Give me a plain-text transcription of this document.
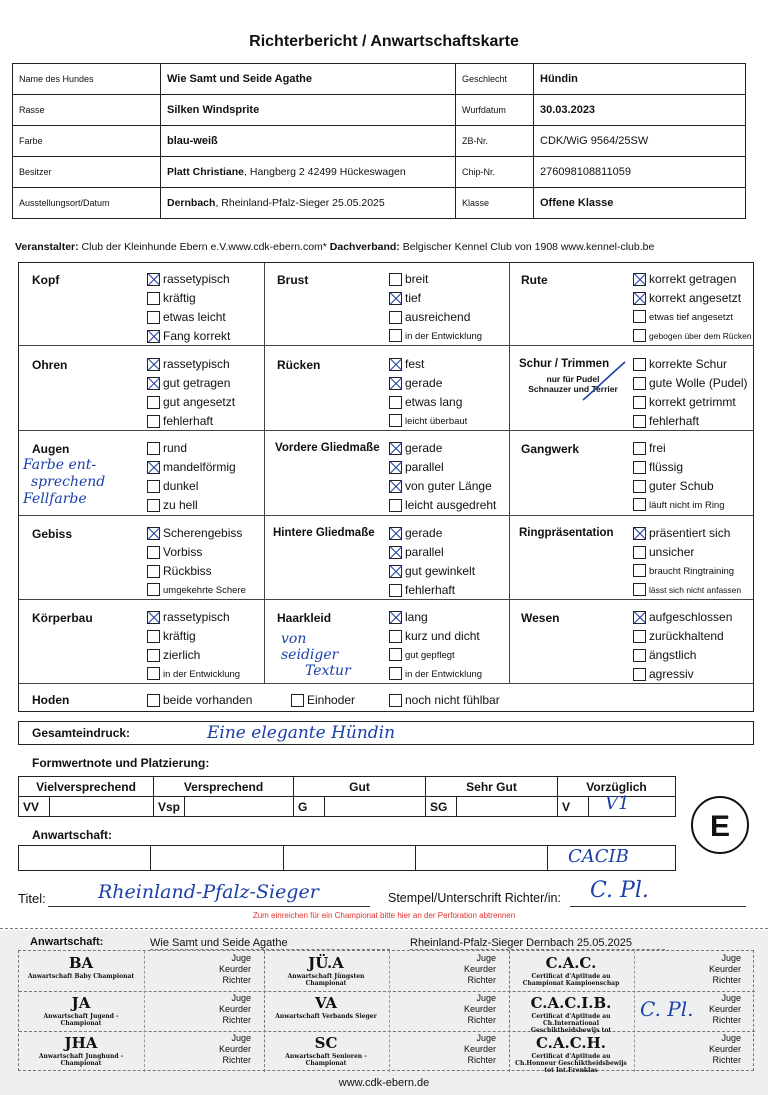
Richterbericht / Anwartschaftskarte
Name des Hundes	Wie Samt und Seide Agathe	Geschlecht	Hündin
Rasse	Silken Windsprite	Wurfdatum	30.03.2023
Farbe	blau-weiß	ZB-Nr.	CDK/WiG 9564/25SW
Besitzer	Platt Christiane, Hangberg 2 42499 Hückeswagen	Chip-Nr.	276098108811059
Ausstellungsort/Datum	Dernbach, Rheinland-Pfalz-Sieger 25.05.2025	Klasse	Offene Klasse
Veranstalter: Club der Kleinhunde Ebern e.V.www.cdk-ebern.com* Dachverband: Belgischer Kennel Club von 1908 www.kennel-club.be
Kopf	rassetypisch
kräftig
etwas leicht
Fang korrekt
Brust	breit
tief
ausreichend
in der Entwicklung
Rute	korrekt getragen
korrekt angesetzt
etwas tief angesetzt
gebogen über dem Rücken
Ohren	rassetypisch
gut getragen
gut angesetzt
fehlerhaft
Rücken	fest
gerade
etwas lang
leicht überbaut
Schur / Trimmen
nur für Pudel
Schnauzer und Terrier
korrekte Schur
gute Wolle (Pudel)
korrekt getrimmt
fehlerhaft
Augen
Farbe ent-
sprechend
Fellfarbe
rund
mandelförmig
dunkel
zu hell
Vordere Gliedmaße	gerade
parallel
von guter Länge
leicht ausgedreht
Gangwerk	frei
flüssig
guter Schub
läuft nicht im Ring
Gebiss	Scherengebiss
Vorbiss
Rückbiss
umgekehrte Schere
Hintere Gliedmaße	gerade
parallel
gut gewinkelt
fehlerhaft
Ringpräsentation	präsentiert sich
unsicher
braucht Ringtraining
lässt sich nicht anfassen
Körperbau	rassetypisch
kräftig
zierlich
in der Entwicklung
Haarkleid
von
seidiger
Textur
lang
kurz und dicht
gut gepflegt
in der Entwicklung
Wesen	aufgeschlossen
zurückhaltend
ängstlich
agressiv
Hoden	beide vorhanden	Einhoder	noch nicht fühlbar
Gesamteindruck:	Eine elegante Hündin
Formwertnote und Platzierung:
Vielversprechend		Versprechend		Gut		Sehr Gut		Vorzüglich	
VV		Vsp		G		SG		V	V1
E
Anwartschaft:

CACIB
Titel:	Rheinland-Pfalz-Sieger	Stempel/Unterschrift Richter/in: C. Pl.
Zum einreichen für ein Championat bitte hier an der Perforation abtrennen
Anwartschaft:	Wie Samt und Seide Agathe	Rheinland-Pfalz-Sieger Dernbach 25.05.2025
BA
Anwartschaft Baby Championat
Juge
Keurder
Richter
JÜ.A
Anwartschaft Jüngsten Championat
Juge
Keurder
Richter
C.A.C.
Certificat d'Aptitude au Championat Kampioenschap
Juge
Keurder
Richter
JA
Anwartschaft Jugend - Championat
Juge
Keurder
Richter
VA
Anwartschaft Verbands Sieger
Juge
Keurder
Richter
C.A.C.I.B.
Certificat d'Aptitude au Ch.International Geschiktheidsbewijs tot
Juge
Keurder
Richter
C. Pl.
JHA
Anwartschaft Junghund - Championat
Juge
Keurder
Richter
SC
Anwartschaft Senioren - Championat
Juge
Keurder
Richter
C.A.C.H.
Certificat d'Aptitude au Ch.Honneur Geschiktheidsbewijs tot Int.Erenklas
Juge
Keurder
Richter
www.cdk-ebern.de
